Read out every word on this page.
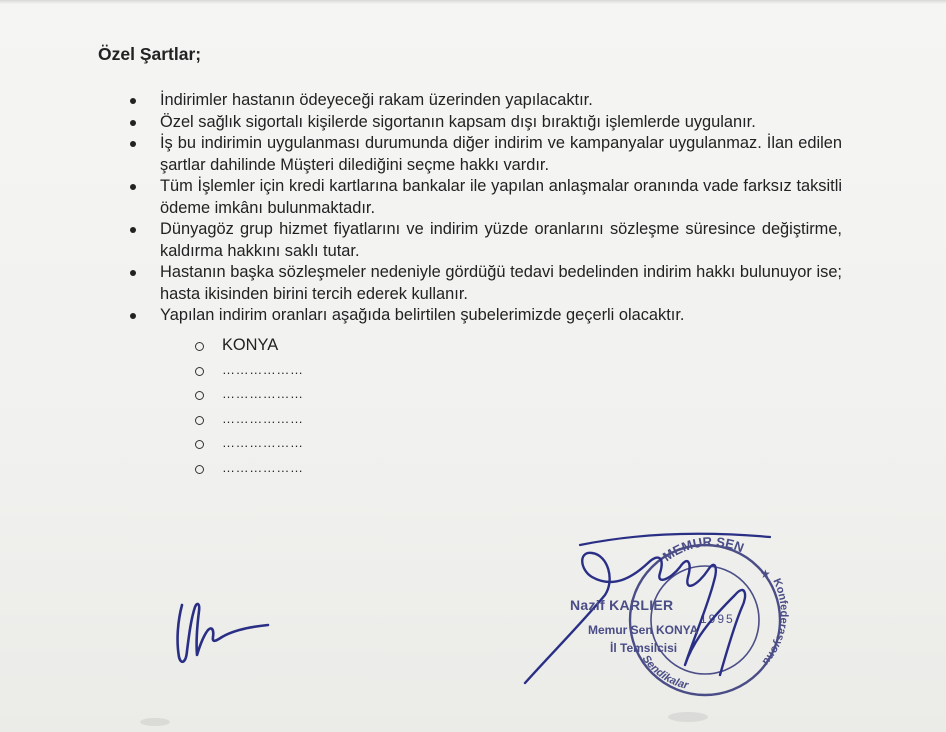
Özel Şartlar;
İndirimler hastanın ödeyeceği rakam üzerinden yapılacaktır.
Özel sağlık sigortalı kişilerde sigortanın kapsam dışı bıraktığı işlemlerde uygulanır.
İş bu indirimin uygulanması durumunda diğer indirim ve kampanyalar uygulanmaz. İlan edilen şartlar dahilinde Müşteri dilediğini seçme hakkı vardır.
Tüm İşlemler için kredi kartlarına bankalar ile yapılan anlaşmalar oranında vade farksız taksitli ödeme imkânı bulunmaktadır.
Dünyagöz grup hizmet fiyatlarını ve indirim yüzde oranlarını sözleşme süresince değiştirme, kaldırma hakkını saklı tutar.
Hastanın başka sözleşmeler nedeniyle gördüğü tedavi bedelinden indirim hakkı bulunuyor ise; hasta ikisinden birini tercih ederek kullanır.
Yapılan indirim oranları aşağıda belirtilen şubelerimizde geçerli olacaktır.
KONYA
………………
………………
………………
………………
………………
MEMUR SEN
Konfederasyonu
Sendikalar
★
1995
Nazif KARLIER
Memur Sen KONYA
İl Temsilcisi
